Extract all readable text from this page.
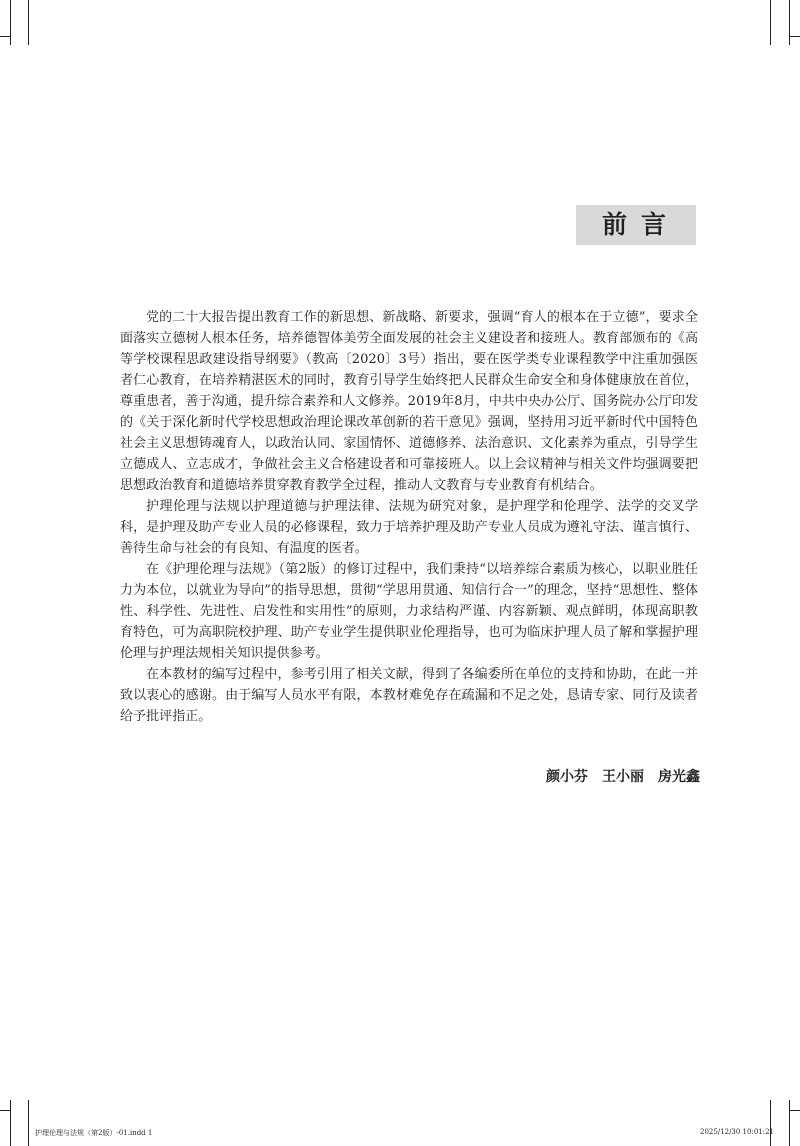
前言

党的二十大报告提出教育工作的新思想、新战略、新要求，强调“育人的根本在于立德”，要求全面落实立德树人根本任务，培养德智体美劳全面发展的社会主义建设者和接班人。教育部颁布的《高等学校课程思政建设指导纲要》（教高〔2020〕3号）指出，要在医学类专业课程教学中注重加强医者仁心教育，在培养精湛医术的同时，教育引导学生始终把人民群众生命安全和身体健康放在首位，尊重患者，善于沟通，提升综合素养和人文修养。2019年8月，中共中央办公厅、国务院办公厅印发的《关于深化新时代学校思想政治理论课改革创新的若干意见》强调，坚持用习近平新时代中国特色社会主义思想铸魂育人，以政治认同、家国情怀、道德修养、法治意识、文化素养为重点，引导学生立德成人、立志成才，争做社会主义合格建设者和可靠接班人。以上会议精神与相关文件均强调要把思想政治教育和道德培养贯穿教育教学全过程，推动人文教育与专业教育有机结合。

护理伦理与法规以护理道德与护理法律、法规为研究对象，是护理学和伦理学、法学的交叉学科，是护理及助产专业人员的必修课程，致力于培养护理及助产专业人员成为遵礼守法、谨言慎行、善待生命与社会的有良知、有温度的医者。

在《护理伦理与法规》（第2版）的修订过程中，我们秉持“以培养综合素质为核心，以职业胜任力为本位，以就业为导向”的指导思想，贯彻“学思用贯通、知信行合一”的理念，坚持“思想性、整体性、科学性、先进性、启发性和实用性”的原则，力求结构严谨、内容新颖、观点鲜明，体现高职教育特色，可为高职院校护理、助产专业学生提供职业伦理指导，也可为临床护理人员了解和掌握护理伦理与护理法规相关知识提供参考。

在本教材的编写过程中，参考引用了相关文献，得到了各编委所在单位的支持和协助，在此一并致以衷心的感谢。由于编写人员水平有限，本教材难免存在疏漏和不足之处，恳请专家、同行及读者给予批评指正。

颜小芬　王小丽　房光鑫
护理伦理与法规（第2版）-01.indd 1	2025/12/30 10:01:21
